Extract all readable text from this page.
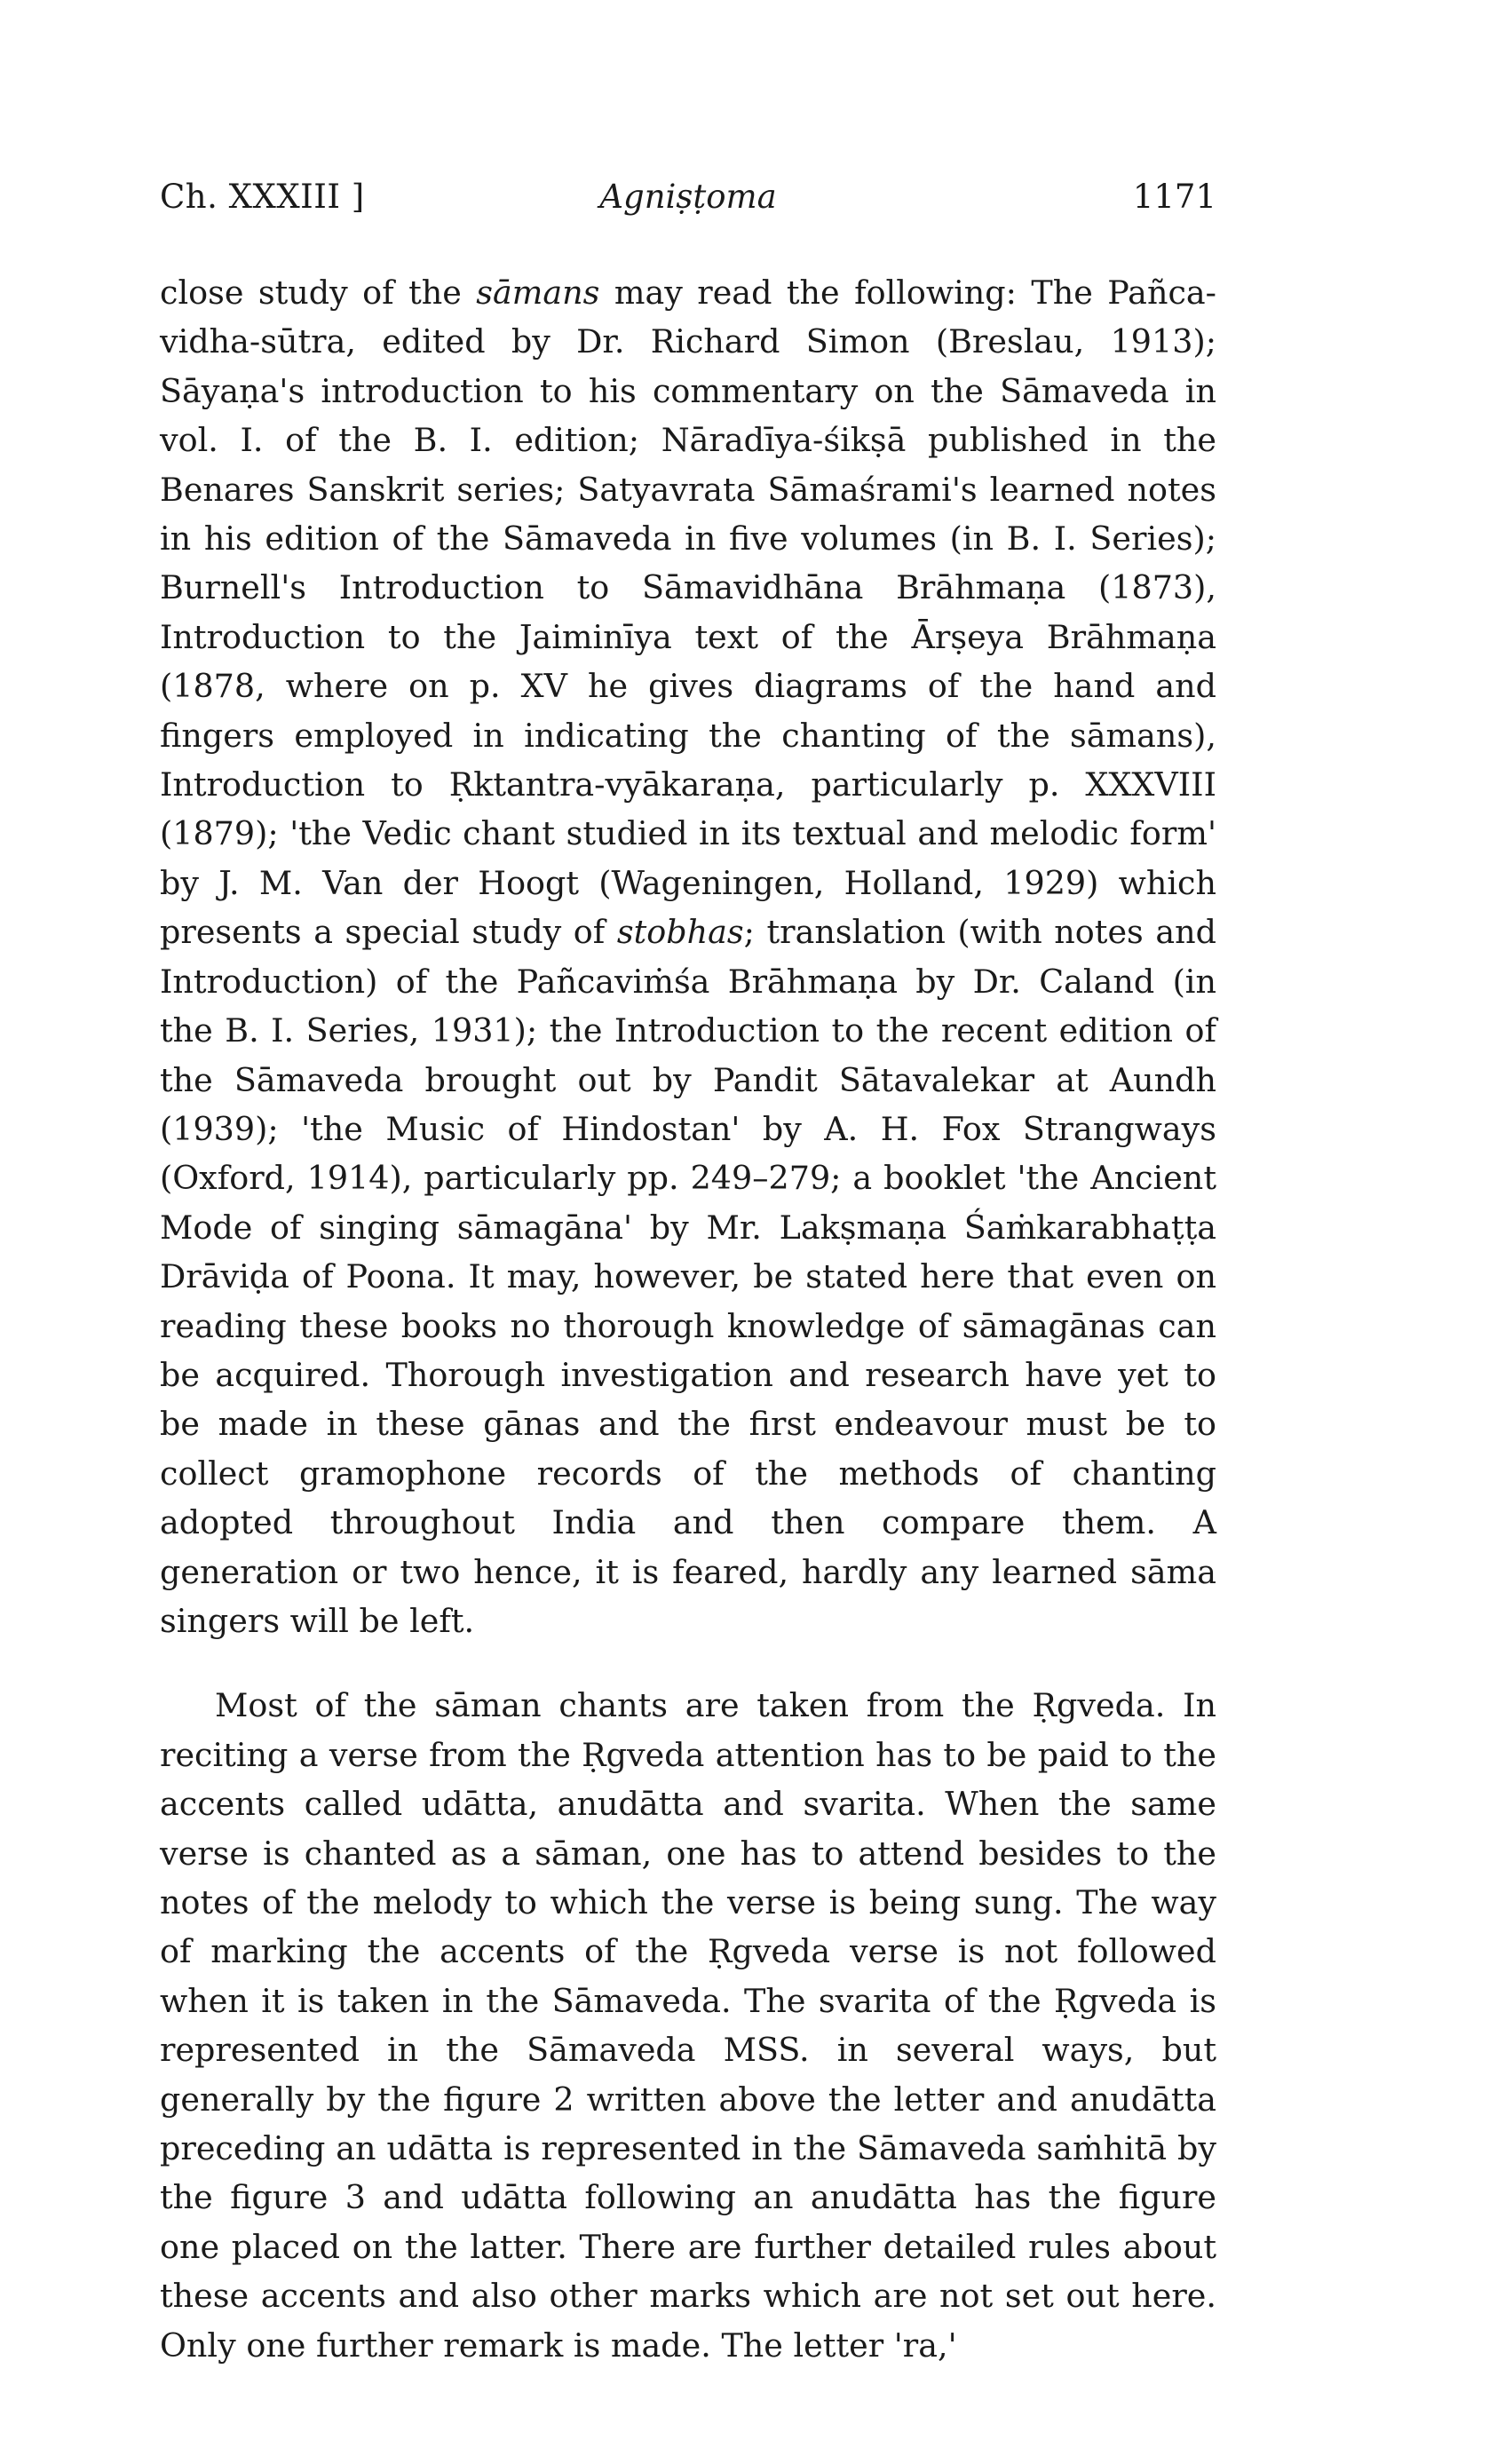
Ch. XXXIII ]	Agniṣṭoma	1171

close study of the sāmans may read the following: The Pañca-vidha-sūtra, edited by Dr. Richard Simon (Breslau, 1913); Sāyaṇa's introduction to his commentary on the Sāmaveda in vol. I. of the B. I. edition; Nāradīya-śikṣā published in the Benares Sanskrit series; Satyavrata Sāmaśrami's learned notes in his edition of the Sāmaveda in five volumes (in B. I. Series); Burnell's Introduction to Sāmavidhāna Brāhmaṇa (1873), Introduction to the Jaiminīya text of the Ārṣeya Brāhmaṇa (1878, where on p. XV he gives diagrams of the hand and fingers employed in indicating the chanting of the sāmans), Introduction to Ṛktantra-vyākaraṇa, particularly p. XXXVIII (1879); 'the Vedic chant studied in its textual and melodic form' by J. M. Van der Hoogt (Wageningen, Holland, 1929) which presents a special study of stobhas; translation (with notes and Introduction) of the Pañcaviṁśa Brāhmaṇa by Dr. Caland (in the B. I. Series, 1931); the Introduction to the recent edition of the Sāmaveda brought out by Pandit Sātavalekar at Aundh (1939); 'the Music of Hindostan' by A. H. Fox Strangways (Oxford, 1914), particularly pp. 249–279; a booklet 'the Ancient Mode of singing sāmagāna' by Mr. Lakṣmaṇa Śaṁkarabhaṭṭa Drāviḍa of Poona. It may, however, be stated here that even on reading these books no thorough knowledge of sāmagānas can be acquired. Thorough investigation and research have yet to be made in these gānas and the first endeavour must be to collect gramophone records of the methods of chanting adopted throughout India and then compare them. A generation or two hence, it is feared, hardly any learned sāma singers will be left.

Most of the sāman chants are taken from the Ṛgveda. In reciting a verse from the Ṛgveda attention has to be paid to the accents called udātta, anudātta and svarita. When the same verse is chanted as a sāman, one has to attend besides to the notes of the melody to which the verse is being sung. The way of marking the accents of the Ṛgveda verse is not followed when it is taken in the Sāmaveda. The svarita of the Ṛgveda is represented in the Sāmaveda MSS. in several ways, but generally by the figure 2 written above the letter and anudātta preceding an udātta is represented in the Sāmaveda saṁhitā by the figure 3 and udātta following an anudātta has the figure one placed on the latter. There are further detailed rules about these accents and also other marks which are not set out here. Only one further remark is made. The letter 'ra,'
